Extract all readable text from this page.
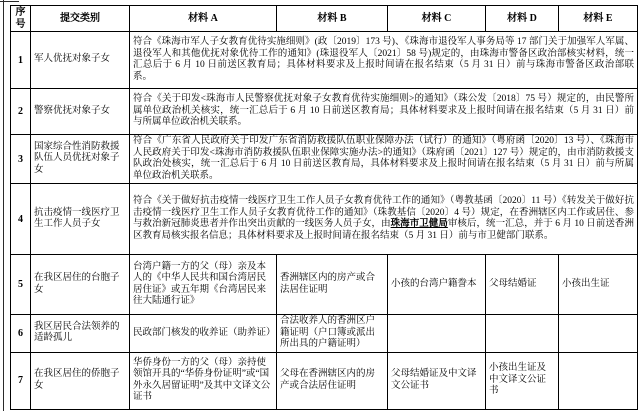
序号	提交类别	材料 A	材料 B	材料 C	材料 D	材料 E
1	军人优抚对象子女	符合《珠海市军人子女教育优待实施细则》(政〔2019〕173 号)、《珠海市退役军人事务局等 17 部门关于加强军人军属、退役军人和其他优抚对象优待工作的通知》(珠退役军人〔2021〕58 号)规定的，由珠海市警备区政治部核实材料，统一汇总后于 6 月 10 日前送区教育局；具体材料要求及上报时间请在报名结束（5 月 31 日）前与珠海市警备区政治部联系。				
2	警察优抚对象子女	符合《关于印发<珠海市人民警察优抚对象子女教育优待实施细则>的通知》（珠公发〔2018〕75 号）规定的，由民警所属单位政治机关核实，统一汇总后于 6 月 10 日前送区教育局；具体材料要求及上报时间请在报名结束（5 月 31 日）前与所属单位政治机关联系。				
3	国家综合性消防救援队伍人员优抚对象子女	符合《广东省人民政府关于印发广东省消防救援队伍职业保障办法（试行）的通知》（粤府函〔2020〕13 号）、《珠海市人民政府关于印发<珠海市消防救援队伍职业保障实施办法>的通知》（珠府函〔2021〕127 号）规定的，由市消防救援支队政治处核实，统一汇总后于 6 月 10 日前送区教育局，具体材料要求及上报时间请在报名结束（5 月 31 日）前与所属单位政治机关联系。				
4	抗击疫情一线医疗卫生工作人员子女	符合《关于做好抗击疫情一线医疗卫生工作人员子女教育优待工作的通知》（粤教基函〔2020〕11 号）《转发关于做好抗击疫情一线医疗卫生工作人员子女教育优待工作的通知》（珠教基信〔2020〕4 号）规定，在香洲辖区内工作或居住、参与救治新冠肺炎患者并作出突出贡献的一线医务人员子女，由珠海市卫健局审核后，统一汇总，并于 6 月 10 日前送香洲区教育局核实报名信息；具体材料要求及上报时间请在报名结束（5 月 31 日）前与市卫健部门联系。				
5	在我区居住的台胞子女	台湾户籍一方的父（母）亲及本人的《中华人民共和国台湾居民居住证》或五年期《台湾居民来往大陆通行证》	香洲辖区内的房产或合法居住证明	小孩的台湾户籍誊本	父母结婚证	小孩出生证
6	我区居民合法领养的适龄孤儿	民政部门核发的收养证（助养证）	合法收养人的香洲区户籍证明（户口簿或派出所出具的户籍证明）			
7	在我区居住的侨胞子女	华侨身份一方的父（母）亲持使领馆开具的“华侨身份证明”或“国外永久居留证明”及其中文译文公证书	父母在香洲辖区内的房产或合法居住证明	父母结婚证及中文译文公证书	小孩出生证及中文译文公证书	
